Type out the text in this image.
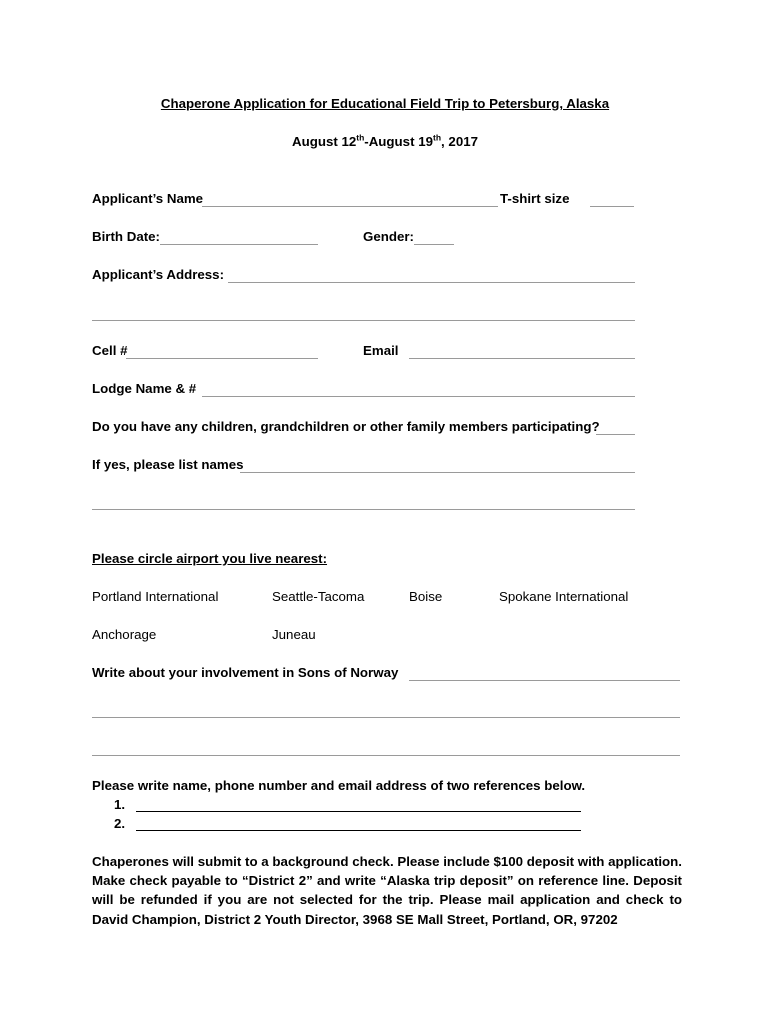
Chaperone Application for Educational Field Trip to Petersburg, Alaska
August 12th-August 19th, 2017
Applicant’s Name	T-shirt size
Birth Date:	Gender:
Applicant’s Address:
Cell #	Email
Lodge Name & #
Do you have any children, grandchildren or other family members participating?
If yes, please list names
Please circle airport you live nearest:
Portland International	Seattle-Tacoma	Boise	Spokane International
Anchorage	Juneau
Write about your involvement in Sons of Norway
Please write name, phone number and email address of two references below.
1.
2.
Chaperones will submit to a background check. Please include $100 deposit with application. Make check payable to “District 2” and write “Alaska trip deposit” on reference line. Deposit will be refunded if you are not selected for the trip. Please mail application and check to David Champion, District 2 Youth Director, 3968 SE Mall Street, Portland, OR, 97202
